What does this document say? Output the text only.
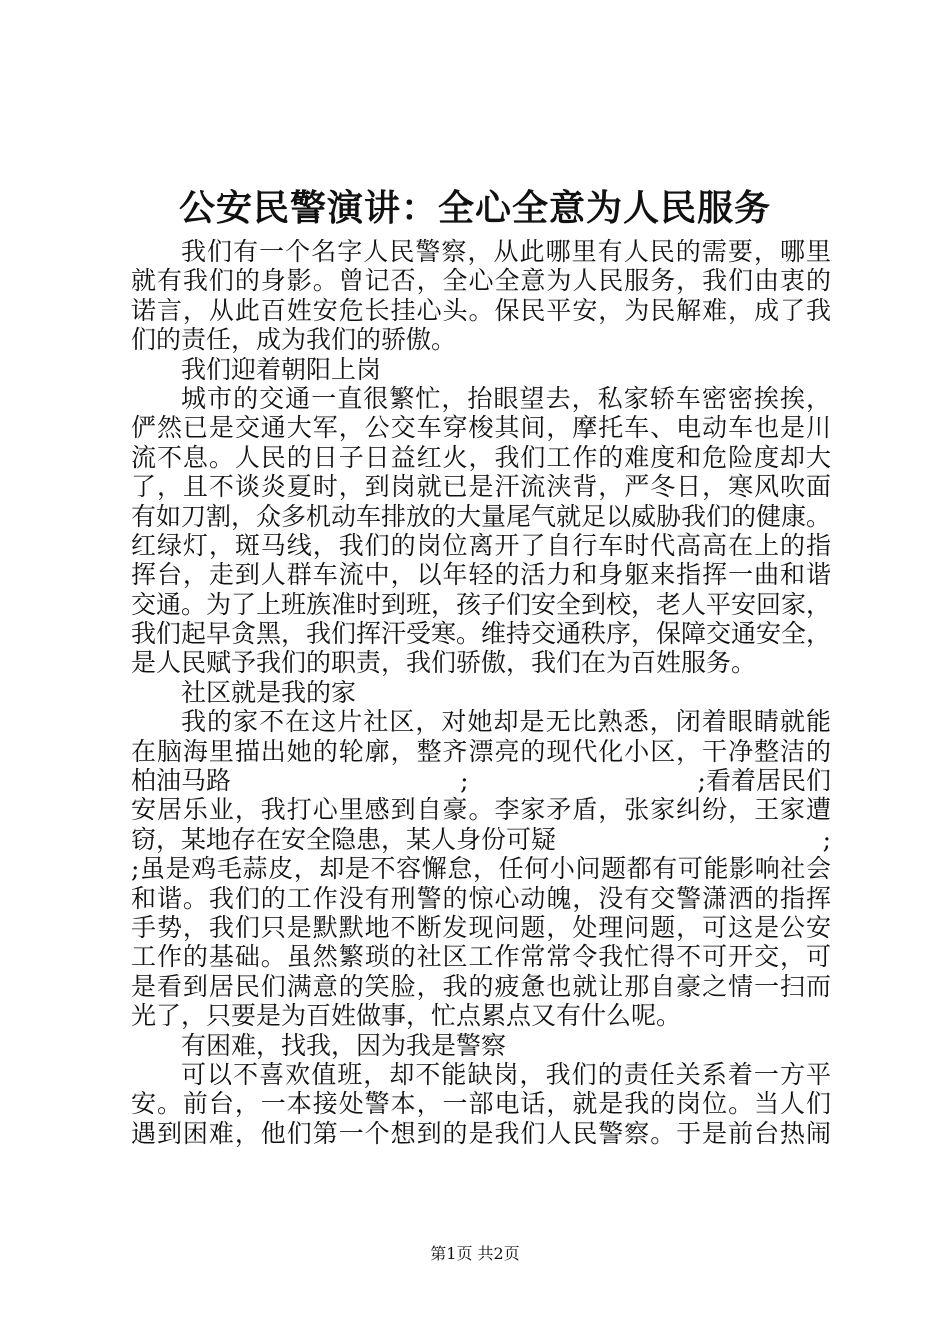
公安民警演讲：全心全意为人民服务
我们有一个名字人民警察，从此哪里有人民的需要，哪里
就有我们的身影。曾记否，全心全意为人民服务，我们由衷的
诺言，从此百姓安危长挂心头。保民平安，为民解难，成了我
们的责任，成为我们的骄傲。
我们迎着朝阳上岗
城市的交通一直很繁忙，抬眼望去，私家轿车密密挨挨，
俨然已是交通大军，公交车穿梭其间，摩托车、电动车也是川
流不息。人民的日子日益红火，我们工作的难度和危险度却大
了，且不谈炎夏时，到岗就已是汗流浃背，严冬日，寒风吹面
有如刀割，众多机动车排放的大量尾气就足以威胁我们的健康。
红绿灯，斑马线，我们的岗位离开了自行车时代高高在上的指
挥台，走到人群车流中，以年轻的活力和身躯来指挥一曲和谐
交通。为了上班族准时到班，孩子们安全到校，老人平安回家，
我们起早贪黑，我们挥汗受寒。维持交通秩序，保障交通安全，
是人民赋予我们的职责，我们骄傲，我们在为百姓服务。
社区就是我的家
我的家不在这片社区，对她却是无比熟悉，闭着眼睛就能
在脑海里描出她的轮廓，整齐漂亮的现代化小区，干净整洁的
柏油马路	;	;看着居民们
安居乐业，我打心里感到自豪。李家矛盾，张家纠纷，王家遭
窃，某地存在安全隐患，某人身份可疑	;
;虽是鸡毛蒜皮，却是不容懈怠，任何小问题都有可能影响社会
和谐。我们的工作没有刑警的惊心动魄，没有交警潇洒的指挥
手势，我们只是默默地不断发现问题，处理问题，可这是公安
工作的基础。虽然繁琐的社区工作常常令我忙得不可开交，可
是看到居民们满意的笑脸，我的疲惫也就让那自豪之情一扫而
光了，只要是为百姓做事，忙点累点又有什么呢。
有困难，找我，因为我是警察
可以不喜欢值班，却不能缺岗，我们的责任关系着一方平
安。前台，一本接处警本，一部电话，就是我的岗位。当人们
遇到困难，他们第一个想到的是我们人民警察。于是前台热闹
第1页 共2页
